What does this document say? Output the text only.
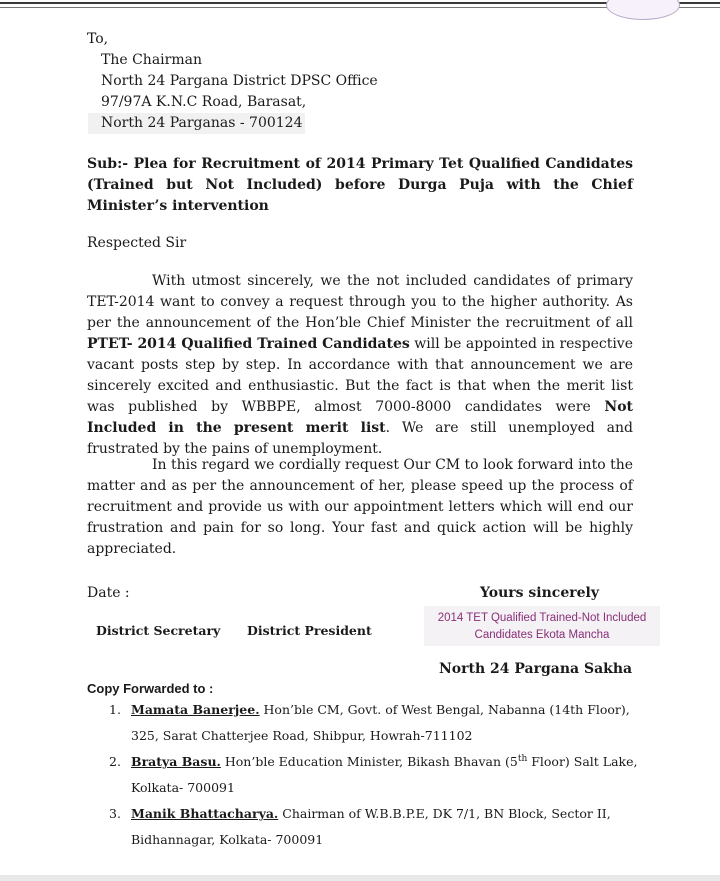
To,
The Chairman
North 24 Pargana District DPSC Office
97/97A K.N.C Road, Barasat,
North 24 Parganas - 700124
Sub:- Plea for Recruitment of 2014 Primary Tet Qualified Candidates (Trained but Not Included) before Durga Puja with the Chief Minister’s intervention
Respected Sir
With utmost sincerely, we the not included candidates of primary TET-2014 want to convey a request through you to the higher authority. As per the announcement of the Hon’ble Chief Minister the recruitment of all PTET- 2014 Qualified Trained Candidates will be appointed in respective vacant posts step by step. In accordance with that announcement we are sincerely excited and enthusiastic. But the fact is that when the merit list was published by WBBPE, almost 7000-8000 candidates were Not Included in the present merit list. We are still unemployed and frustrated by the pains of unemployment.
In this regard we cordially request Our CM to look forward into the matter and as per the announcement of her, please speed up the process of recruitment and provide us with our appointment letters which will end our frustration and pain for so long. Your fast and quick action will be highly appreciated.
Date :	Yours sincerely
District Secretary District President
2014 TET Qualified Trained-Not Included
Candidates Ekota Mancha
North 24 Pargana Sakha
Copy Forwarded to :
1. Mamata Banerjee. Hon’ble CM, Govt. of West Bengal, Nabanna (14th Floor),
325, Sarat Chatterjee Road, Shibpur, Howrah-711102
2. Bratya Basu. Hon’ble Education Minister, Bikash Bhavan (5th Floor) Salt Lake,
Kolkata- 700091
3. Manik Bhattacharya. Chairman of W.B.B.P.E, DK 7/1, BN Block, Sector II,
Bidhannagar, Kolkata- 700091
